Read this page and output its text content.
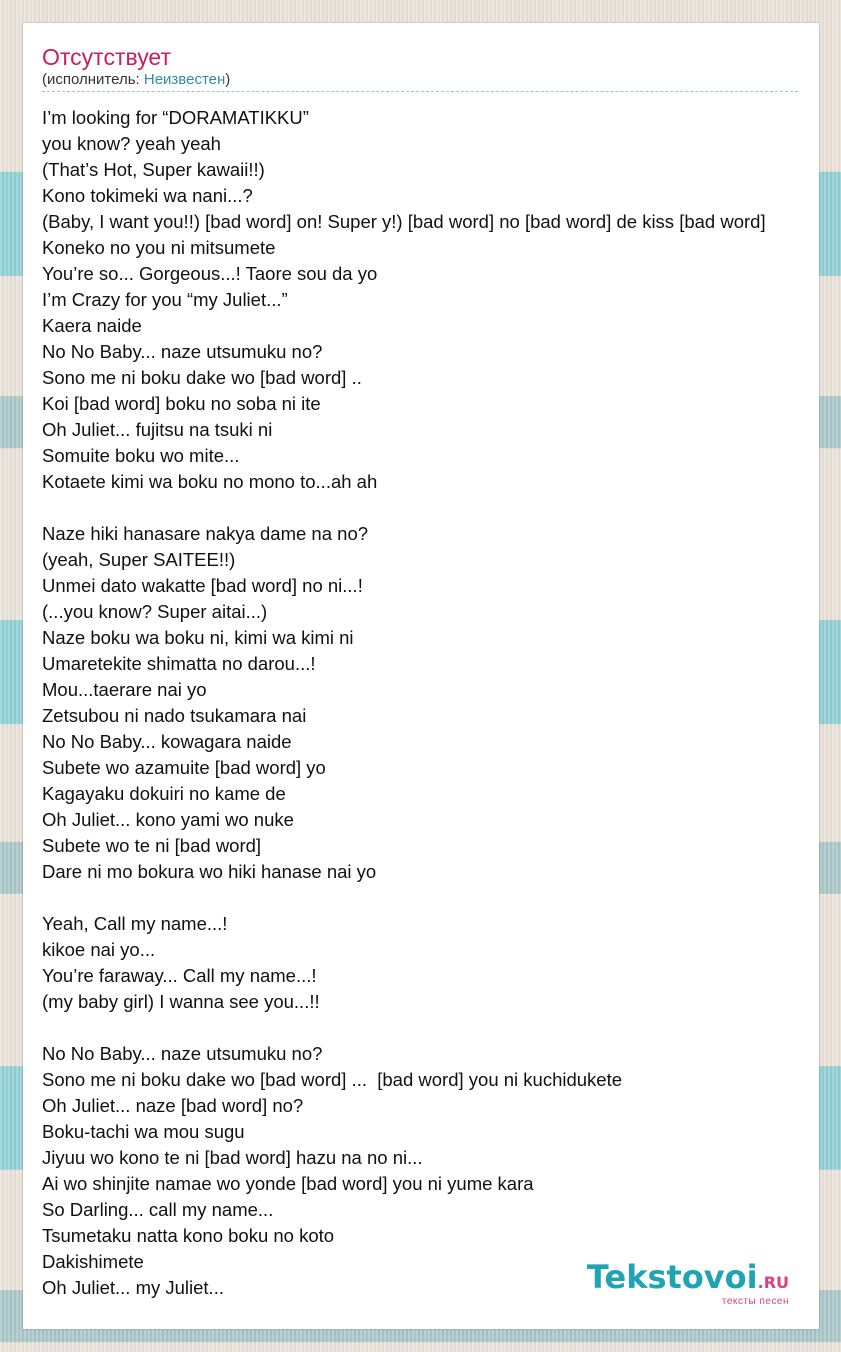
Отсутствует
(исполнитель: Неизвестен)
I’m looking for “DORAMATIKKU”
you know? yeah yeah
(That’s Hot, Super kawaii!!)
Kono tokimeki wa nani...?
(Baby, I want you!!) [bad word] on! Super y!) [bad word] no [bad word] de kiss [bad word]
Koneko no you ni mitsumete
You’re so... Gorgeous...! Taore sou da yo
I’m Crazy for you “my Juliet...”
Kaera naide
No No Baby... naze utsumuku no?
Sono me ni boku dake wo [bad word] ..
Koi [bad word] boku no soba ni ite
Oh Juliet... fujitsu na tsuki ni
Somuite boku wo mite...
Kotaete kimi wa boku no mono to...ah ah
Naze hiki hanasare nakya dame na no?
(yeah, Super SAITEE!!)
Unmei dato wakatte [bad word] no ni...!
(...you know? Super aitai...)
Naze boku wa boku ni, kimi wa kimi ni
Umaretekite shimatta no darou...!
Mou...taerare nai yo
Zetsubou ni nado tsukamara nai
No No Baby... kowagara naide
Subete wo azamuite [bad word] yo
Kagayaku dokuiri no kame de
Oh Juliet... kono yami wo nuke
Subete wo te ni [bad word]
Dare ni mo bokura wo hiki hanase nai yo
Yeah, Call my name...!
kikoe nai yo...
You’re faraway... Call my name...!
(my baby girl) I wanna see you...!!
No No Baby... naze utsumuku no?
Sono me ni boku dake wo [bad word] ...  [bad word] you ni kuchidukete
Oh Juliet... naze [bad word] no?
Boku-tachi wa mou sugu
Jiyuu wo kono te ni [bad word] hazu na no ni...
Ai wo shinjite namae wo yonde [bad word] you ni yume kara
So Darling... call my name...
Tsumetaku natta kono boku no koto
Dakishimete
Oh Juliet... my Juliet...	Tekstovoi.RU
тексты песен
